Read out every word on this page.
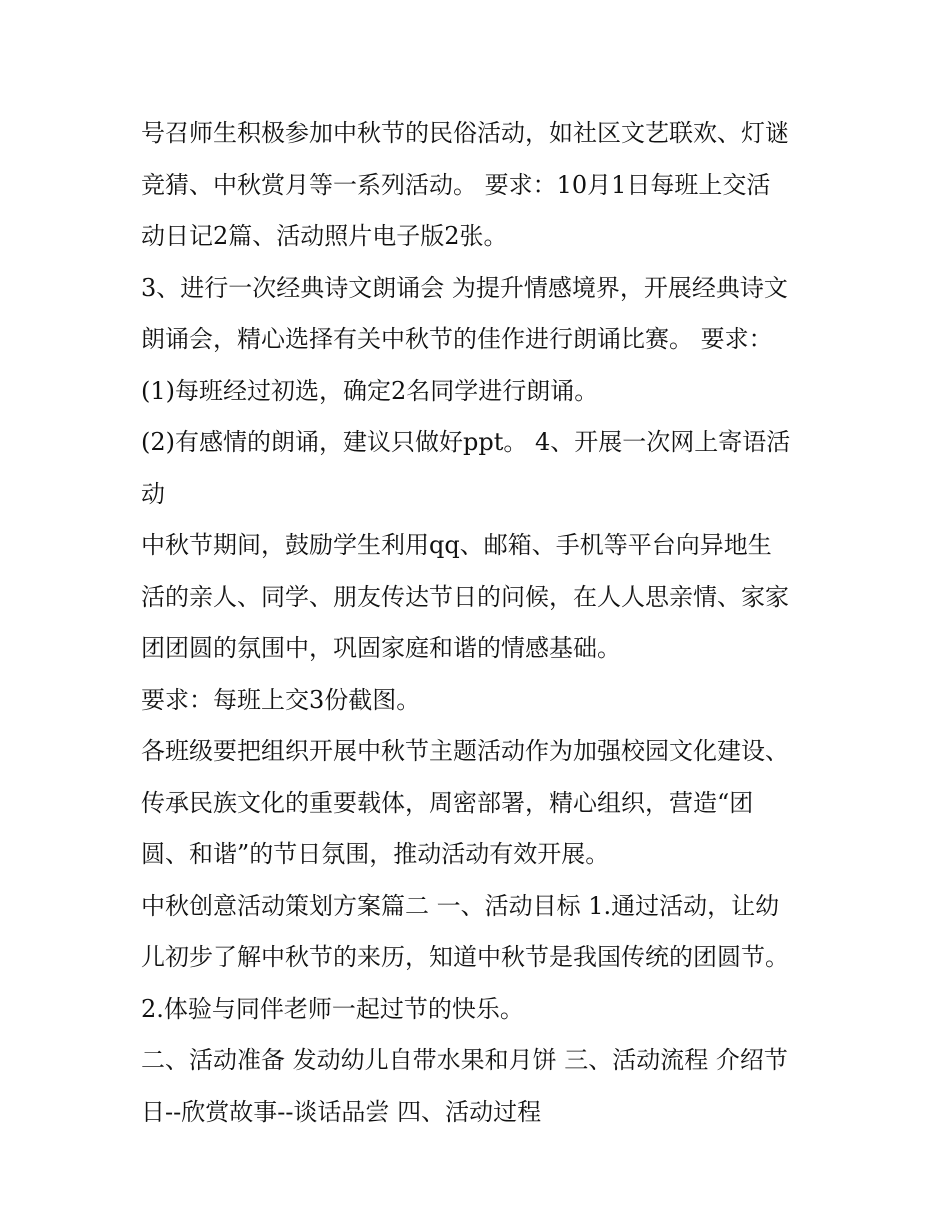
号召师生积极参加中秋节的民俗活动，如社区文艺联欢、灯谜
竞猜、中秋赏月等一系列活动。 要求：10月1日每班上交活
动日记2篇、活动照片电子版2张。
3、进行一次经典诗文朗诵会 为提升情感境界，开展经典诗文
朗诵会，精心选择有关中秋节的佳作进行朗诵比赛。 要求：
(1)每班经过初选，确定2名同学进行朗诵。
(2)有感情的朗诵，建议只做好ppt。 4、开展一次网上寄语活
动
中秋节期间，鼓励学生利用qq、邮箱、手机等平台向异地生
活的亲人、同学、朋友传达节日的问候，在人人思亲情、家家
团团圆的氛围中，巩固家庭和谐的情感基础。
要求：每班上交3份截图。
各班级要把组织开展中秋节主题活动作为加强校园文化建设、
传承民族文化的重要载体，周密部署，精心组织，营造“团
圆、和谐”的节日氛围，推动活动有效开展。
中秋创意活动策划方案篇二 一、活动目标 1.通过活动，让幼
儿初步了解中秋节的来历，知道中秋节是我国传统的团圆节。
2.体验与同伴老师一起过节的快乐。
二、活动准备 发动幼儿自带水果和月饼 三、活动流程 介绍节
日--欣赏故事--谈话品尝 四、活动过程
